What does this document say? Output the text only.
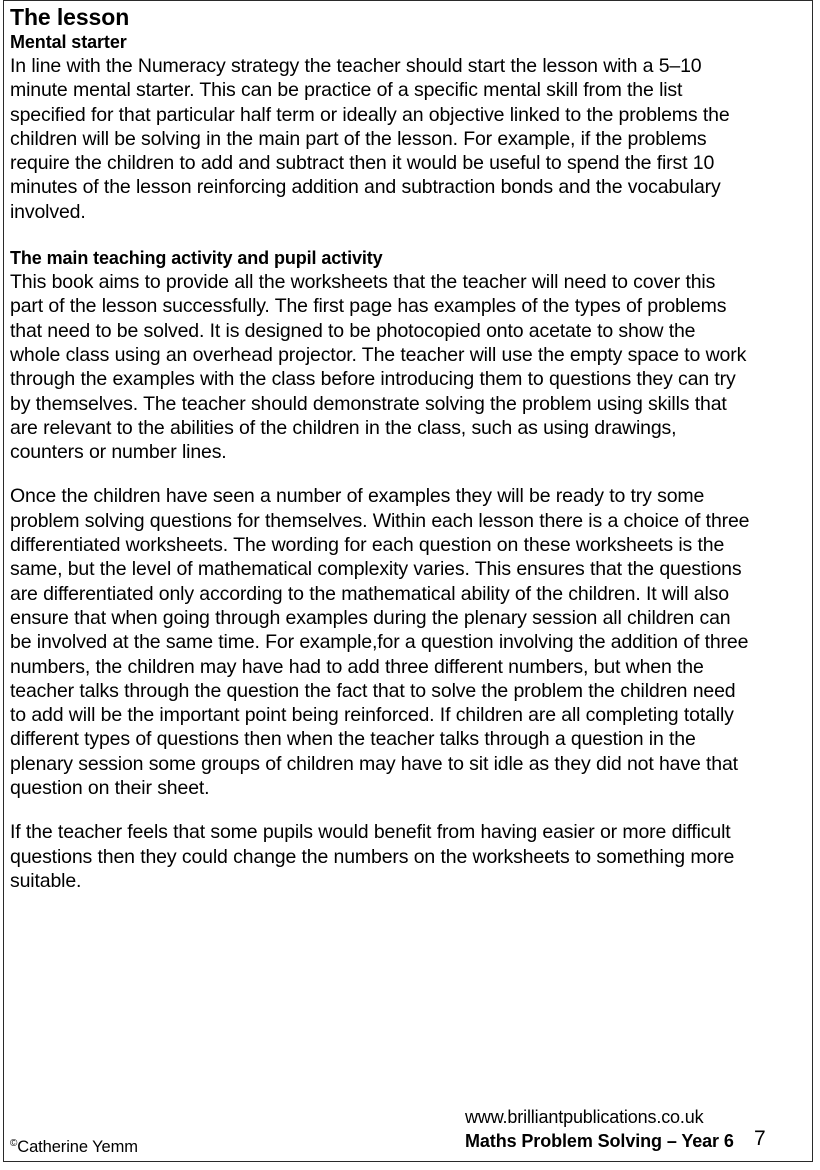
The lesson
Mental starter

In line with the Numeracy strategy the teacher should start the lesson with a 5–10 minute mental starter. This can be practice of a specific mental skill from the list specified for that particular half term or ideally an objective linked to the problems the children will be solving in the main part of the lesson. For example, if the problems require the children to add and subtract then it would be useful to spend the first 10 minutes of the lesson reinforcing addition and subtraction bonds and the vocabulary involved.

The main teaching activity and pupil activity

This book aims to provide all the worksheets that the teacher will need to cover this part of the lesson successfully. The first page has examples of the types of problems that need to be solved. It is designed to be photocopied onto acetate to show the whole class using an overhead projector. The teacher will use the empty space to work through the examples with the class before introducing them to questions they can try by themselves. The teacher should demonstrate solving the problem using skills that are relevant to the abilities of the children in the class, such as using drawings, counters or number lines.

Once the children have seen a number of examples they will be ready to try some problem solving questions for themselves. Within each lesson there is a choice of three differentiated worksheets. The wording for each question on these worksheets is the same, but the level of mathematical complexity varies. This ensures that the questions are differentiated only according to the mathematical ability of the children. It will also ensure that when going through examples during the plenary session all children can be involved at the same time. For example,for a question involving the addition of three numbers, the children may have had to add three different numbers, but when the teacher talks through the question the fact that to solve the problem the children need to add will be the important point being reinforced. If children are all completing totally different types of questions then when the teacher talks through a question in the plenary session some groups of children may have to sit idle as they did not have that question on their sheet.

If the teacher feels that some pupils would benefit from having easier or more difficult questions then they could change the numbers on the worksheets to something more suitable.

©Catherine Yemm
www.brilliantpublications.co.uk
Maths Problem Solving – Year 6 7
